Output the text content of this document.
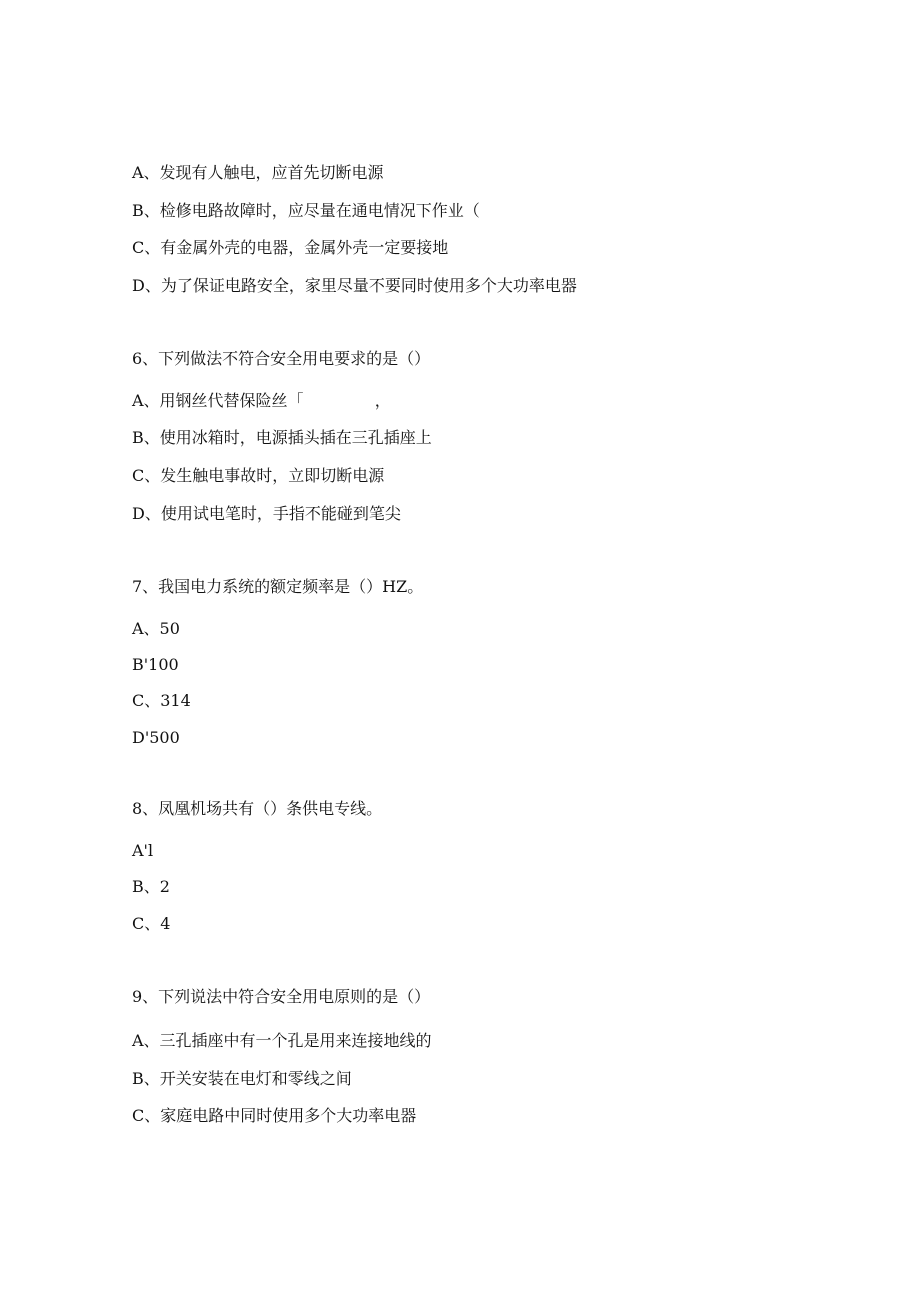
A、发现有人触电，应首先切断电源
B、检修电路故障时，应尽量在通电情况下作业（
C、有金属外壳的电器，金属外壳一定要接地
D、为了保证电路安全，家里尽量不要同时使用多个大功率电器
6、下列做法不符合安全用电要求的是（）
A、用钢丝代替保险丝「              ，
B、使用冰箱时，电源插头插在三孔插座上
C、发生触电事故时，立即切断电源
D、使用试电笔时，手指不能碰到笔尖
7、我国电力系统的额定频率是（）HZ。
A、50
B'100
C、314
D'500
8、凤凰机场共有（）条供电专线。
A'l
B、2
C、4
9、下列说法中符合安全用电原则的是（）
A、三孔插座中有一个孔是用来连接地线的
B、开关安装在电灯和零线之间
C、家庭电路中同时使用多个大功率电器
